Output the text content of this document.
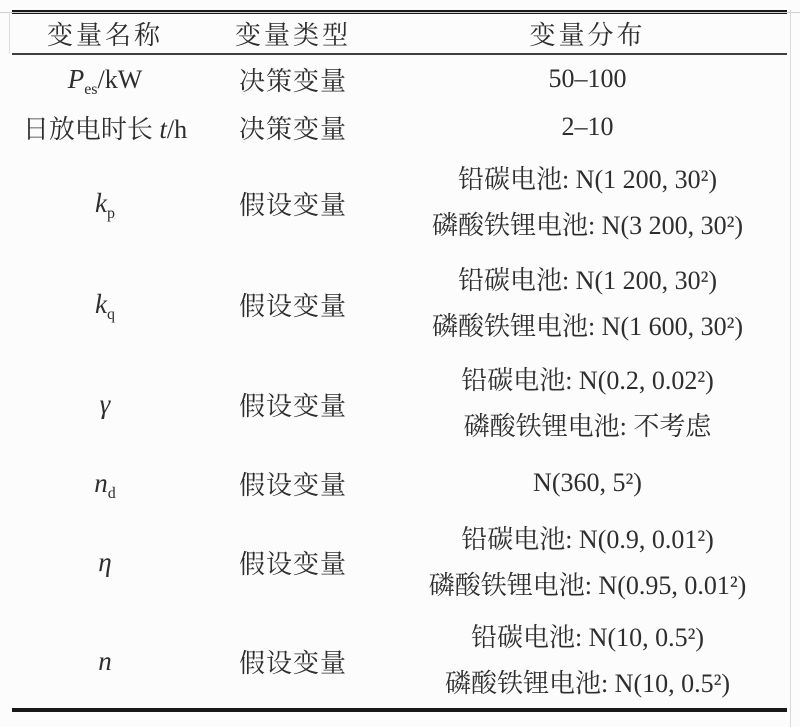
变量名称	变量类型	变量分布
$P_{es}/kW$	决策变量	50–100

日放电时长 t/h	决策变量	2–10

$k_p$	假设变量	铅碳电池: N(1 200, 30²)
磷酸铁锂电池: N(3 200, 30²)

$k_q$	假设变量	铅碳电池: N(1 200, 30²)
磷酸铁锂电池: N(1 600, 30²)

γ	假设变量	铅碳电池: N(0.2, 0.02²)
磷酸铁锂电池: 不考虑

$n_d$	假设变量	N(360, 5²)

η	假设变量	铅碳电池: N(0.9, 0.01²)
磷酸铁锂电池: N(0.95, 0.01²)

n	假设变量	铅碳电池: N(10, 0.5²)
磷酸铁锂电池: N(10, 0.5²)
